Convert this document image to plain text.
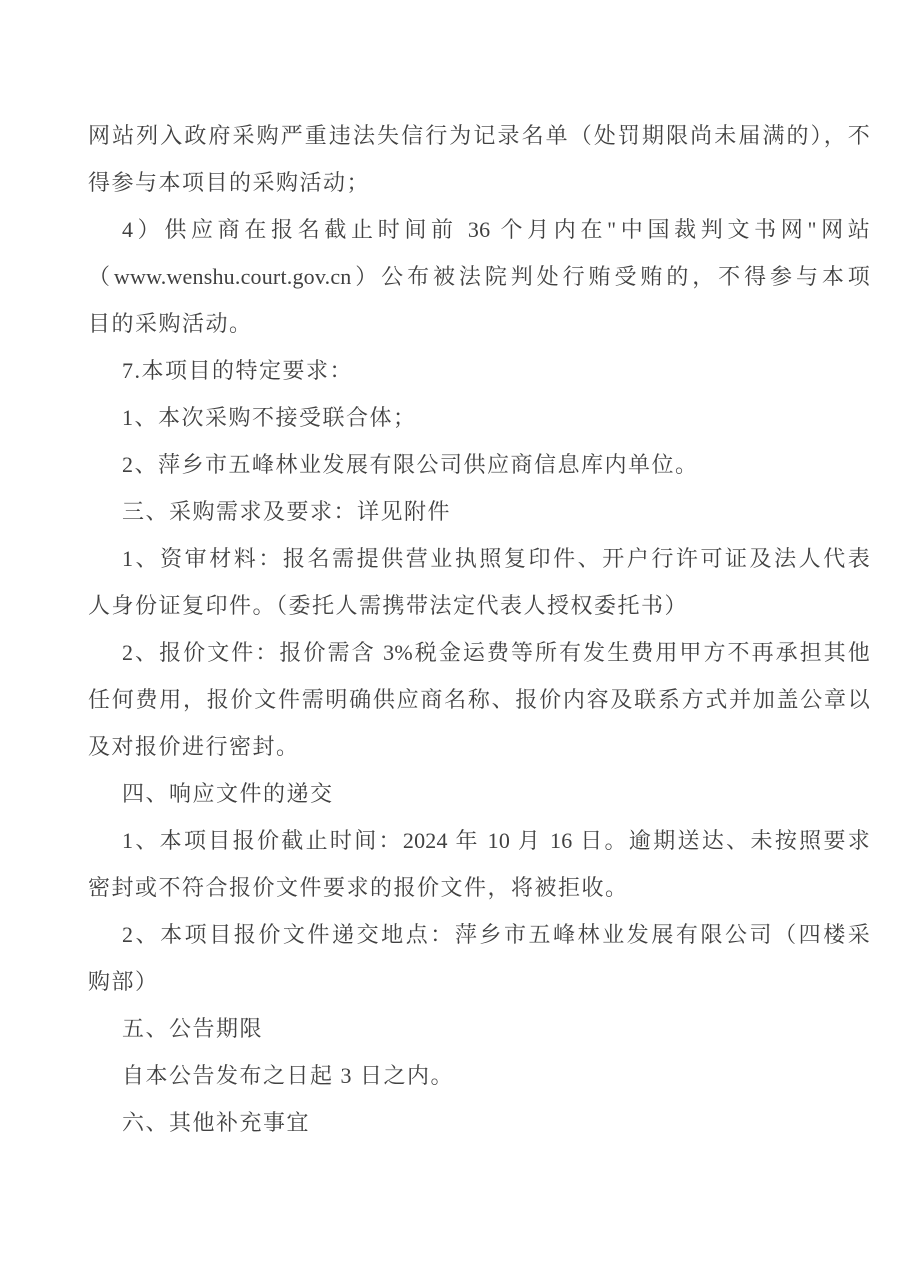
网站列入政府采购严重违法失信行为记录名单（处罚期限尚未届满的），不
得参与本项目的采购活动；
4）供应商在报名截止时间前 36 个月内在"中国裁判文书网"网站
（www.wenshu.court.gov.cn）公布被法院判处行贿受贿的，不得参与本项
目的采购活动。
7.本项目的特定要求：
1、本次采购不接受联合体；
2、萍乡市五峰林业发展有限公司供应商信息库内单位。
三、采购需求及要求：详见附件
1、资审材料：报名需提供营业执照复印件、开户行许可证及法人代表
人身份证复印件。（委托人需携带法定代表人授权委托书）
2、报价文件：报价需含 3%税金运费等所有发生费用甲方不再承担其他
任何费用，报价文件需明确供应商名称、报价内容及联系方式并加盖公章以
及对报价进行密封。
四、响应文件的递交
1、本项目报价截止时间：2024 年 10 月 16 日。逾期送达、未按照要求
密封或不符合报价文件要求的报价文件，将被拒收。
2、本项目报价文件递交地点：萍乡市五峰林业发展有限公司（四楼采
购部）
五、公告期限
自本公告发布之日起 3 日之内。
六、其他补充事宜
